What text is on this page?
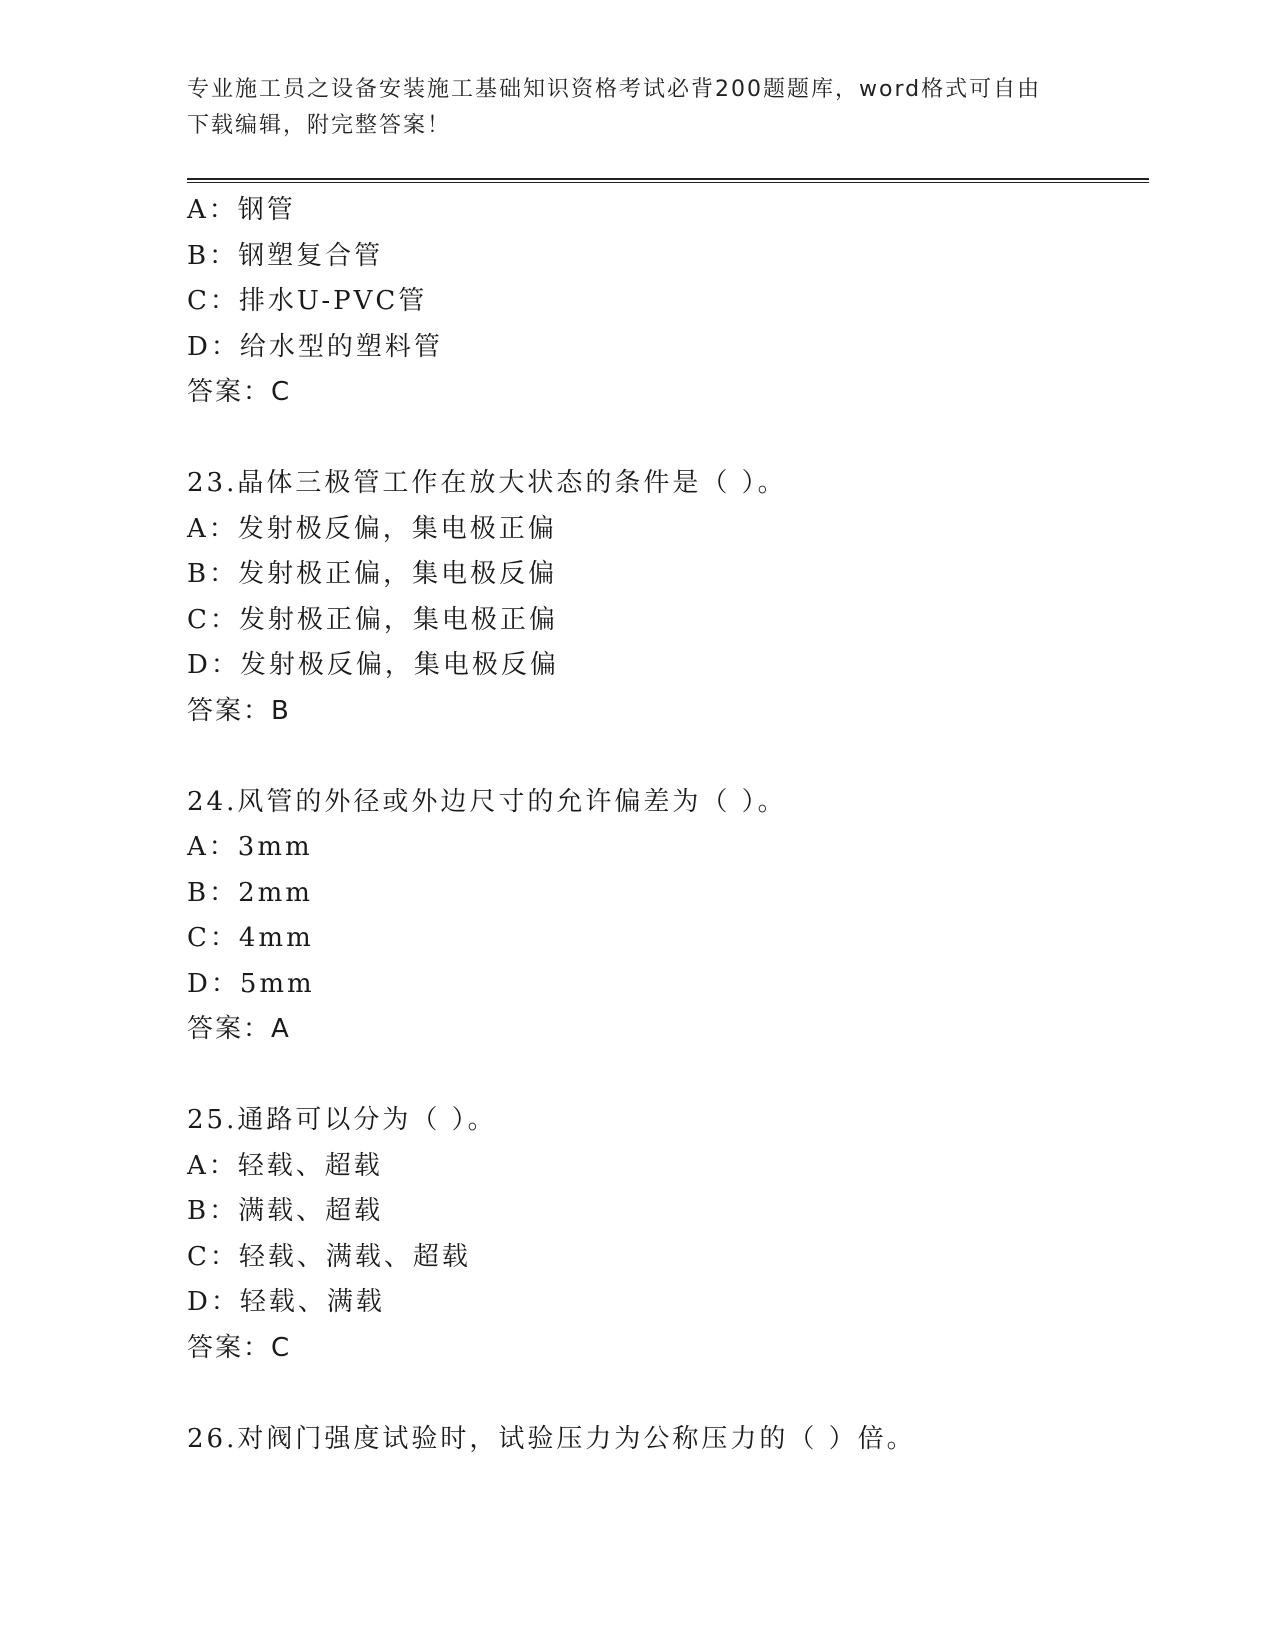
专业施工员之设备安装施工基础知识资格考试必背200题题库，word格式可自由
下载编辑，附完整答案！
A：钢管
B：钢塑复合管
C：排水U-PVC管
D：给水型的塑料管
答案：C
23.晶体三极管工作在放大状态的条件是（ ）。
A：发射极反偏，集电极正偏
B：发射极正偏，集电极反偏
C：发射极正偏，集电极正偏
D：发射极反偏，集电极反偏
答案：B
24.风管的外径或外边尺寸的允许偏差为（ ）。
A：3mm
B：2mm
C：4mm
D：5mm
答案：A
25.通路可以分为（ ）。
A：轻载、超载
B：满载、超载
C：轻载、满载、超载
D：轻载、满载
答案：C
26.对阀门强度试验时，试验压力为公称压力的（ ）倍。
